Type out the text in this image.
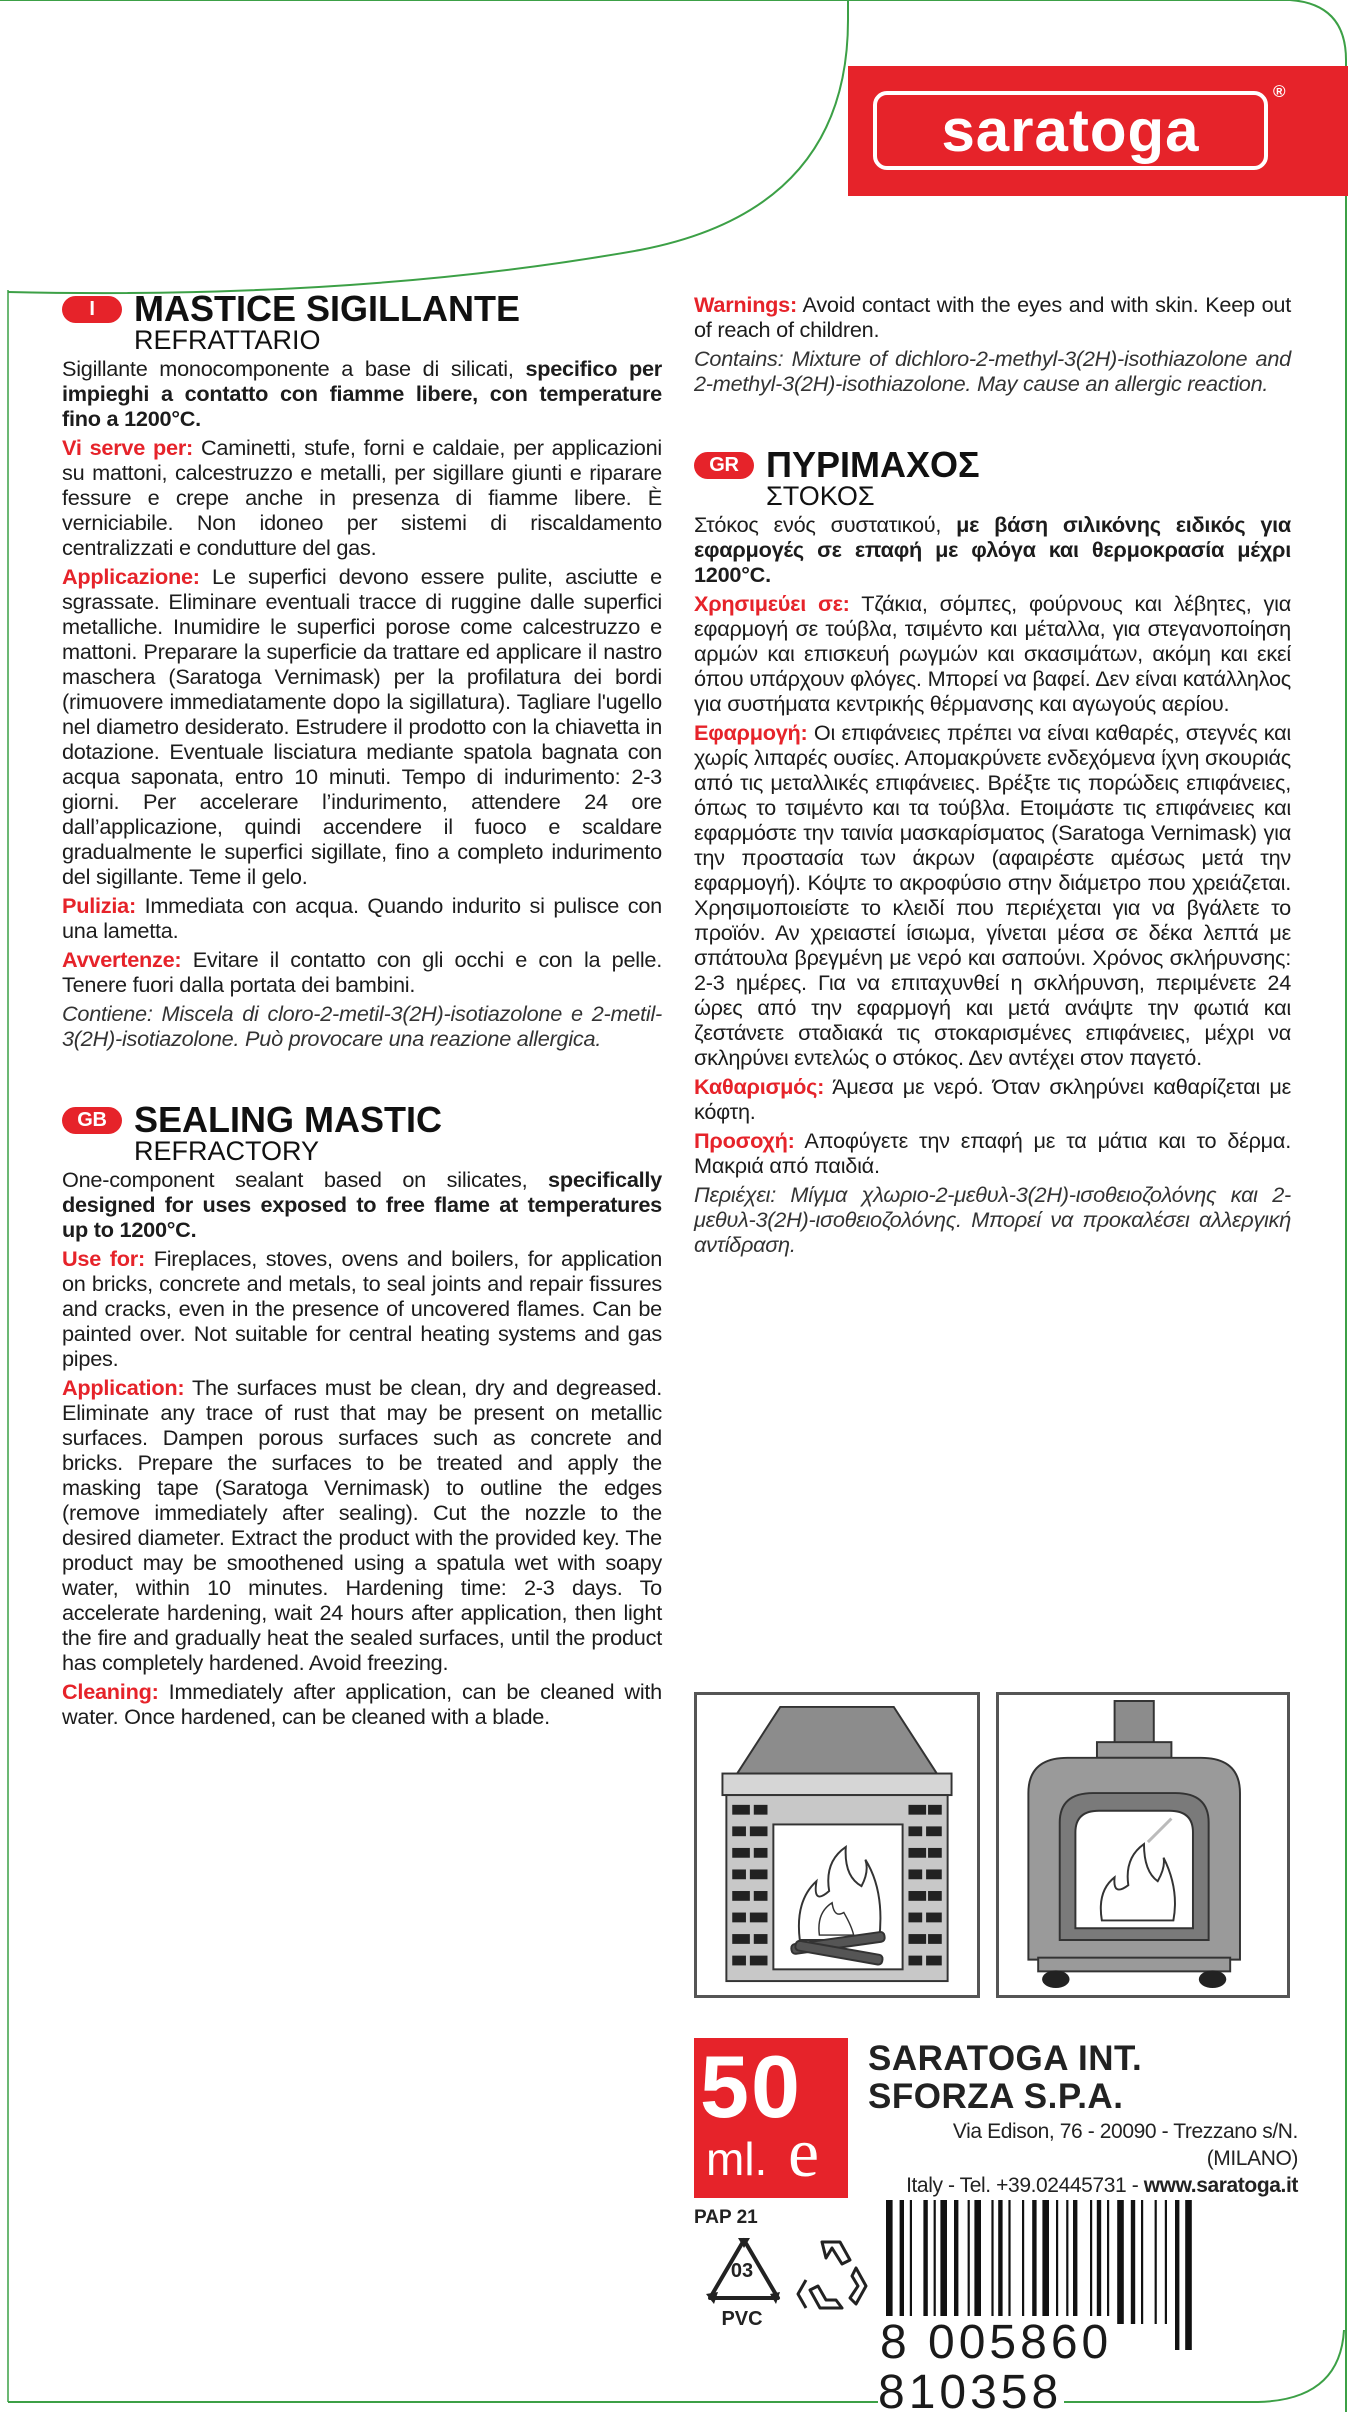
saratoga
®
I	MASTICE SIGILLANTE
REFRATTARIO

Sigillante monocomponente a base di silicati, specifico per impieghi a contatto con fiamme libere, con temperature fino a 1200°C.

Vi serve per: Caminetti, stufe, forni e caldaie, per applicazioni su mattoni, calcestruzzo e metalli, per sigillare giunti e riparare fessure e crepe anche in presenza di fiamme libere. È verniciabile. Non idoneo per sistemi di riscaldamento centralizzati e condutture del gas.

Applicazione: Le superfici devono essere pulite, asciutte e sgrassate. Eliminare eventuali tracce di ruggine dalle superfici metalliche. Inumidire le superfici porose come calcestruzzo e mattoni. Preparare la superficie da trattare ed applicare il nastro maschera (Saratoga Vernimask) per la profilatura dei bordi (rimuovere immediatamente dopo la sigillatura). Tagliare l'ugello nel diametro desiderato. Estrudere il prodotto con la chiavetta in dotazione. Eventuale lisciatura mediante spatola bagnata con acqua saponata, entro 10 minuti. Tempo di indurimento: 2-3 giorni. Per accelerare l’indurimento, attendere 24 ore dall’applicazione, quindi accendere il fuoco e scaldare gradualmente le superfici sigillate, fino a completo indurimento del sigillante. Teme il gelo.

Pulizia: Immediata con acqua. Quando indurito si pulisce con una lametta.

Avvertenze: Evitare il contatto con gli occhi e con la pelle. Tenere fuori dalla portata dei bambini.

Contiene: Miscela di cloro-2-metil-3(2H)-isotiazolone e 2-metil-3(2H)-isotiazolone. Può provocare una reazione allergica.

GB SEALING MASTIC
REFRACTORY

One-component sealant based on silicates, specifically designed for uses exposed to free flame at temperatures up to 1200°C.

Use for: Fireplaces, stoves, ovens and boilers, for application on bricks, concrete and metals, to seal joints and repair fissures and cracks, even in the presence of uncovered flames. Can be painted over. Not suitable for central heating systems and gas pipes.

Application: The surfaces must be clean, dry and degreased. Eliminate any trace of rust that may be present on metallic surfaces. Dampen porous surfaces such as concrete and bricks. Prepare the surfaces to be treated and apply the masking tape (Saratoga Vernimask) to outline the edges (remove immediately after sealing). Cut the nozzle to the desired diameter. Extract the product with the provided key. The product may be smoothened using a spatula wet with soapy water, within 10 minutes. Hardening time: 2-3 days. To accelerate hardening, wait 24 hours after application, then light the fire and gradually heat the sealed surfaces, until the product has completely hardened. Avoid freezing.

Cleaning: Immediately after application, can be cleaned with water. Once hardened, can be cleaned with a blade.

Warnings: Avoid contact with the eyes and with skin. Keep out of reach of children.

Contains: Mixture of dichloro-2-methyl-3(2H)-isothiazolone and 2-methyl-3(2H)-isothiazolone. May cause an allergic reaction.

GR ΠΥΡΙΜΑΧΟΣ
ΣΤΟΚΟΣ

Στόκος ενός συστατικού, με βάση σιλικόνης ειδικός για εφαρμογές σε επαφή με φλόγα και θερμοκρασία μέχρι 1200°C.

Χρησιμεύει σε: Τζάκια, σόμπες, φούρνους και λέβητες, για εφαρμογή σε τούβλα, τσιμέντο και μέταλλα, για στεγανοποίηση αρμών και επισκευή ρωγμών και σκασιμάτων, ακόμη και εκεί όπου υπάρχουν φλόγες. Μπορεί να βαφεί. Δεν είναι κατάλληλος για συστήματα κεντρικής θέρμανσης και αγωγούς αερίου.

Εφαρμογή: Οι επιφάνειες πρέπει να είναι καθαρές, στεγνές και χωρίς λιπαρές ουσίες. Απομακρύνετε ενδεχόμενα ίχνη σκουριάς από τις μεταλλικές επιφάνειες. Βρέξτε τις πορώδεις επιφάνειες, όπως το τσιμέντο και τα τούβλα. Ετοιμάστε τις επιφάνειες και εφαρμόστε την ταινία μασκαρίσματος (Saratoga Vernimask) για την προστασία των άκρων (αφαιρέστε αμέσως μετά την εφαρμογή). Κόψτε το ακροφύσιο στην διάμετρο που χρειάζεται. Χρησιμοποιείστε το κλειδί που περιέχεται για να βγάλετε το προϊόν. Αν χρειαστεί ίσιωμα, γίνεται μέσα σε δέκα λεπτά με σπάτουλα βρεγμένη με νερό και σαπούνι. Χρόνος σκλήρυνσης: 2-3 ημέρες. Για να επιταχυνθεί η σκλήρυνση, περιμένετε 24 ώρες από την εφαρμογή και μετά ανάψτε την φωτιά και ζεστάνετε σταδιακά τις στοκαρισμένες επιφάνειες, μέχρι να σκληρύνει εντελώς ο στόκος. Δεν αντέχει στον παγετό.

Καθαρισμός: Άμεσα με νερό. Όταν σκληρύνει καθαρίζεται με κόφτη.

Προσοχή: Αποφύγετε την επαφή με τα μάτια και το δέρμα. Μακριά από παιδιά.

Περιέχει: Μίγμα χλωριο-2-μεθυλ-3(2H)-ισοθειοζολόνης και 2-μεθυλ-3(2H)-ισοθειοζολόνης. Μπορεί να προκαλέσει αλλεργική αντίδραση.

50
ml. e
SARATOGA INT.
SFORZA S.P.A.
Via Edison, 76 - 20090 - Trezzano s/N. (MILANO)
Italy - Tel. +39.02445731 - www.saratoga.it
PAP 21
03
PVC	8 005860 810358
